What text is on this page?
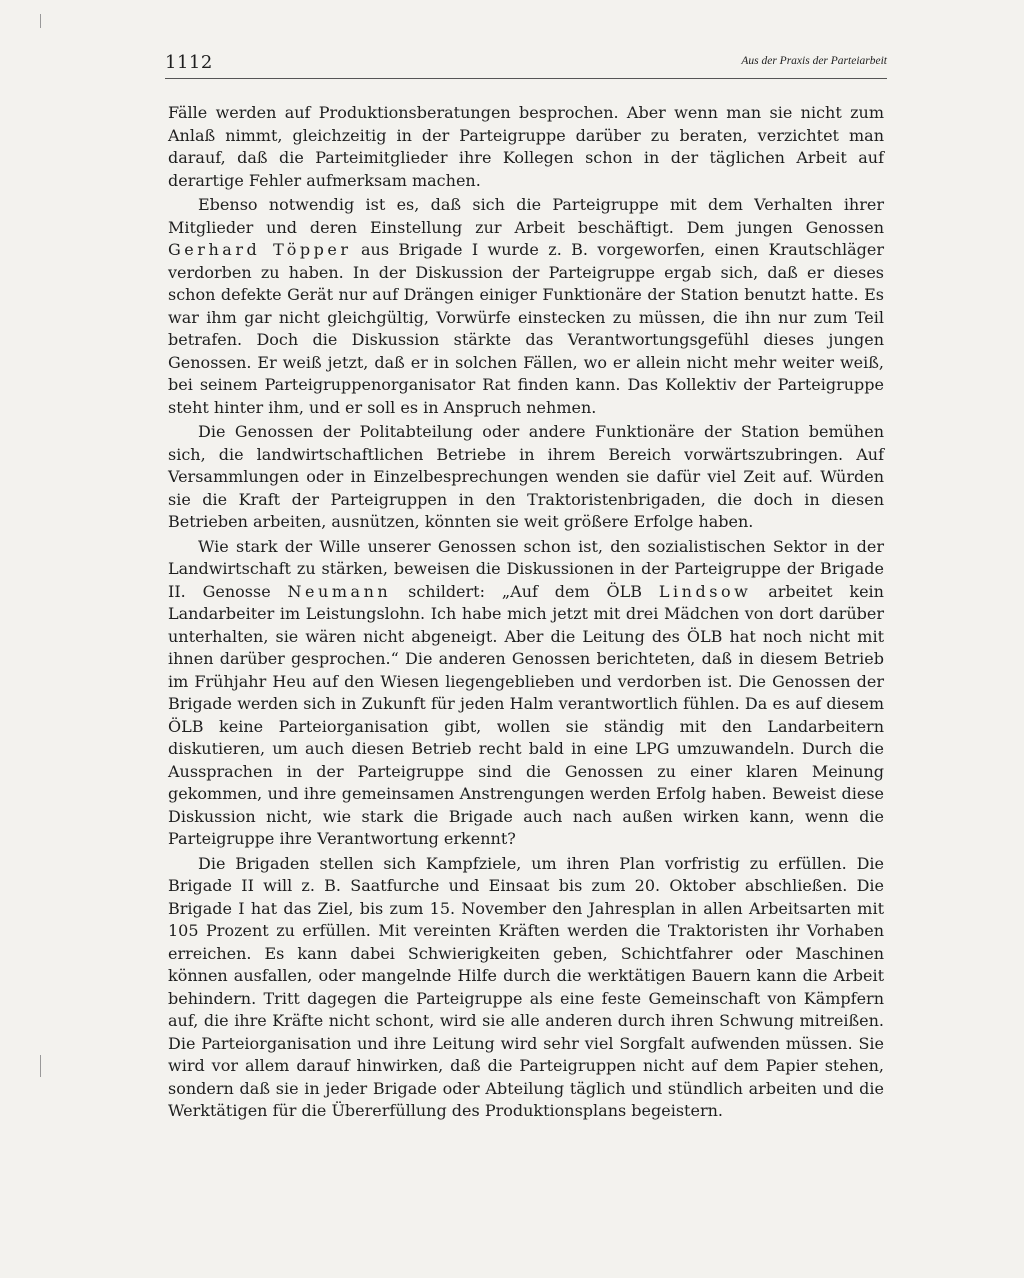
1112	Aus der Praxis der Parteiarbeit

Fälle werden auf Produktionsberatungen besprochen. Aber wenn man sie nicht zum Anlaß nimmt, gleichzeitig in der Parteigruppe darüber zu beraten, verzichtet man darauf, daß die Parteimitglieder ihre Kollegen schon in der täglichen Arbeit auf derartige Fehler aufmerksam machen.

Ebenso notwendig ist es, daß sich die Parteigruppe mit dem Verhalten ihrer Mitglieder und deren Einstellung zur Arbeit beschäftigt. Dem jungen Genossen Gerhard Töpper aus Brigade I wurde z. B. vorgeworfen, einen Krautschläger verdorben zu haben. In der Diskussion der Parteigruppe ergab sich, daß er dieses schon defekte Gerät nur auf Drängen einiger Funktionäre der Station benutzt hatte. Es war ihm gar nicht gleichgültig, Vorwürfe einstecken zu müssen, die ihn nur zum Teil betrafen. Doch die Diskussion stärkte das Verantwortungsgefühl dieses jungen Genossen. Er weiß jetzt, daß er in solchen Fällen, wo er allein nicht mehr weiter weiß, bei seinem Parteigruppenorganisator Rat finden kann. Das Kollektiv der Parteigruppe steht hinter ihm, und er soll es in Anspruch nehmen.

Die Genossen der Politabteilung oder andere Funktionäre der Station bemühen sich, die landwirtschaftlichen Betriebe in ihrem Bereich vorwärtszubringen. Auf Versammlungen oder in Einzelbesprechungen wenden sie dafür viel Zeit auf. Würden sie die Kraft der Parteigruppen in den Traktoristenbrigaden, die doch in diesen Betrieben arbeiten, ausnützen, könnten sie weit größere Erfolge haben.

Wie stark der Wille unserer Genossen schon ist, den sozialistischen Sektor in der Landwirtschaft zu stärken, beweisen die Diskussionen in der Parteigruppe der Brigade II. Genosse Neumann schildert: „Auf dem ÖLB Lindsow arbeitet kein Landarbeiter im Leistungslohn. Ich habe mich jetzt mit drei Mädchen von dort darüber unterhalten, sie wären nicht abgeneigt. Aber die Leitung des ÖLB hat noch nicht mit ihnen darüber gesprochen.“ Die anderen Genossen berichteten, daß in diesem Betrieb im Frühjahr Heu auf den Wiesen liegengeblieben und verdorben ist. Die Genossen der Brigade werden sich in Zukunft für jeden Halm verantwortlich fühlen. Da es auf diesem ÖLB keine Parteiorganisation gibt, wollen sie ständig mit den Landarbeitern diskutieren, um auch diesen Betrieb recht bald in eine LPG umzuwandeln. Durch die Aussprachen in der Parteigruppe sind die Genossen zu einer klaren Meinung gekommen, und ihre gemeinsamen Anstrengungen werden Erfolg haben. Beweist diese Diskussion nicht, wie stark die Brigade auch nach außen wirken kann, wenn die Parteigruppe ihre Verantwortung erkennt?

Die Brigaden stellen sich Kampfziele, um ihren Plan vorfristig zu erfüllen. Die Brigade II will z. B. Saatfurche und Einsaat bis zum 20. Oktober abschließen. Die Brigade I hat das Ziel, bis zum 15. November den Jahresplan in allen Arbeitsarten mit 105 Prozent zu erfüllen. Mit vereinten Kräften werden die Traktoristen ihr Vorhaben erreichen. Es kann dabei Schwierigkeiten geben, Schichtfahrer oder Maschinen können ausfallen, oder mangelnde Hilfe durch die werktätigen Bauern kann die Arbeit behindern. Tritt dagegen die Parteigruppe als eine feste Gemeinschaft von Kämpfern auf, die ihre Kräfte nicht schont, wird sie alle anderen durch ihren Schwung mitreißen. Die Parteiorganisation und ihre Leitung wird sehr viel Sorgfalt aufwenden müssen. Sie wird vor allem darauf hinwirken, daß die Parteigruppen nicht auf dem Papier stehen, sondern daß sie in jeder Brigade oder Abteilung täglich und stündlich arbeiten und die Werktätigen für die Übererfüllung des Produktionsplans begeistern.
